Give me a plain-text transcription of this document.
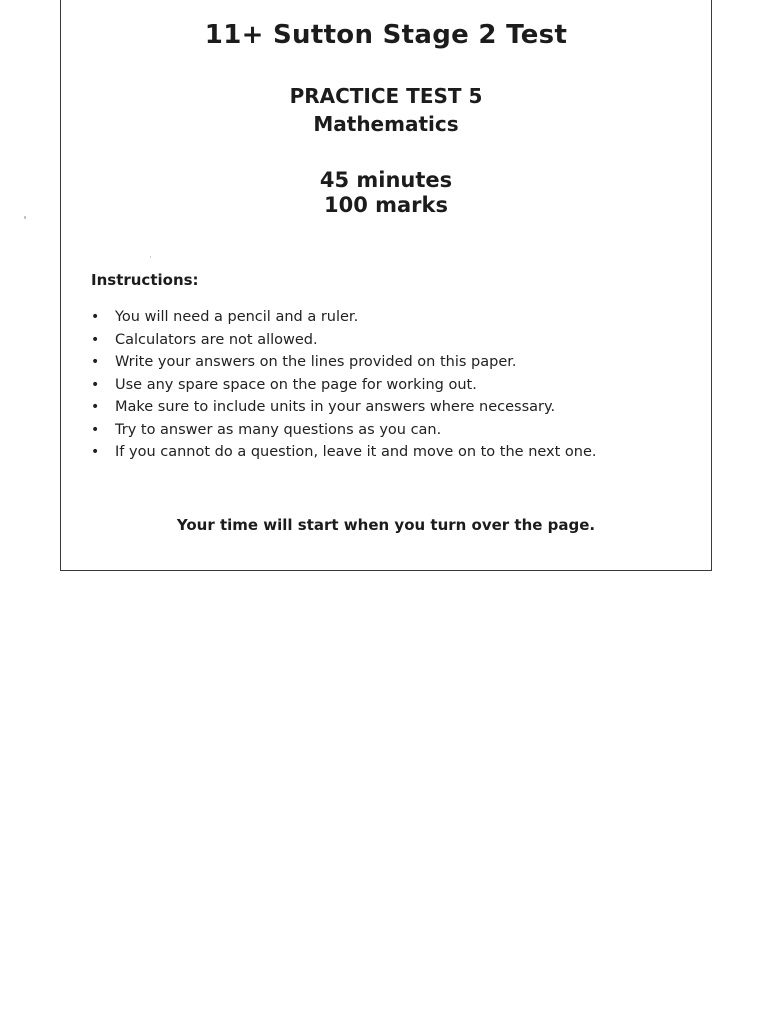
11+ Sutton Stage 2 Test
PRACTICE TEST 5
Mathematics
45 minutes
100 marks
Instructions:
• You will need a pencil and a ruler.
• Calculators are not allowed.
• Write your answers on the lines provided on this paper.
• Use any spare space on the page for working out.
• Make sure to include units in your answers where necessary.
• Try to answer as many questions as you can.
• If you cannot do a question, leave it and move on to the next one.
Your time will start when you turn over the page.
